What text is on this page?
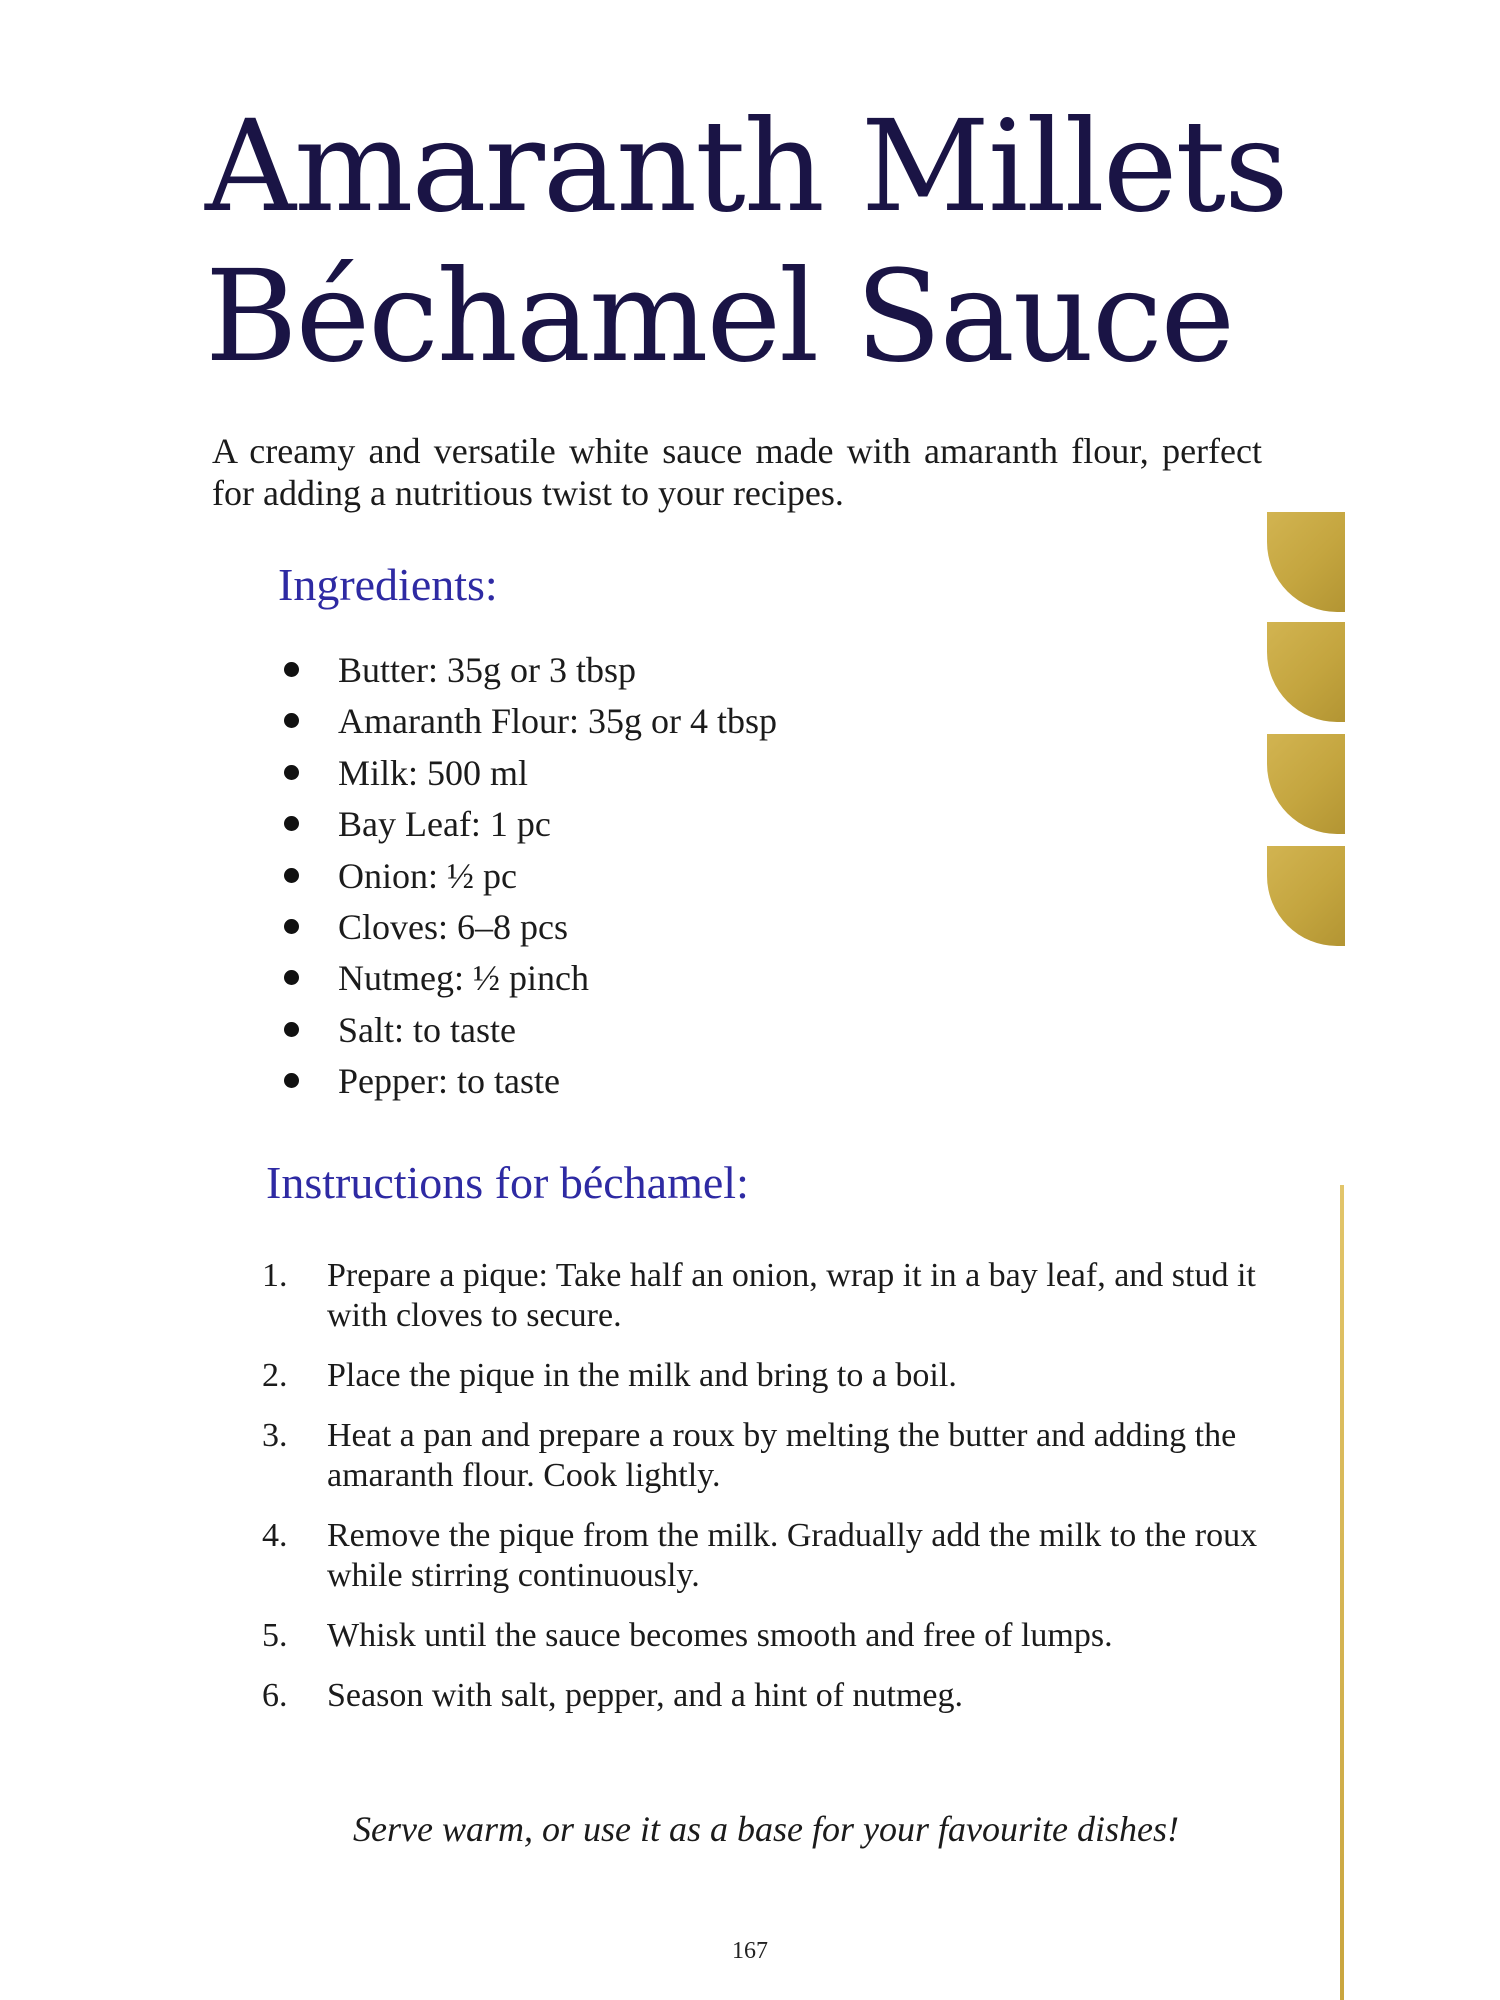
Amaranth Millets
Béchamel Sauce

A creamy and versatile white sauce made with amaranth flour, perfect for adding a nutritious twist to your recipes.

Ingredients:
Butter: 35g or 3 tbsp
Amaranth Flour: 35g or 4 tbsp
Milk: 500 ml
Bay Leaf: 1 pc
Onion: ½ pc
Cloves: 6–8 pcs
Nutmeg: ½ pinch
Salt: to taste
Pepper: to taste
Instructions for béchamel:
1. Prepare a pique: Take half an onion, wrap it in a bay leaf, and stud it with cloves to secure.
2. Place the pique in the milk and bring to a boil.
3. Heat a pan and prepare a roux by melting the butter and adding the amaranth flour. Cook lightly.
4. Remove the pique from the milk. Gradually add the milk to the roux while stirring continuously.
5. Whisk until the sauce becomes smooth and free of lumps.
6. Season with salt, pepper, and a hint of nutmeg.

Serve warm, or use it as a base for your favourite dishes!

167
